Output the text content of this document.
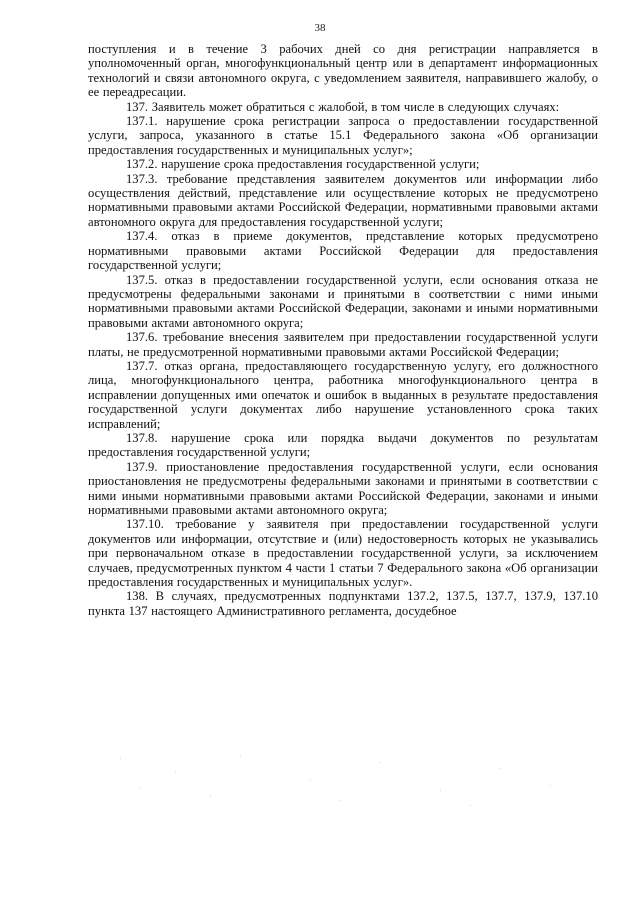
38

поступления и в течение 3 рабочих дней со дня регистрации направляется в уполномоченный орган, многофункциональный центр или в департамент информационных технологий и связи автономного округа, с уведомлением заявителя, направившего жалобу, о ее переадресации.

137. Заявитель может обратиться с жалобой, в том числе в следующих случаях:

137.1. нарушение срока регистрации запроса о предоставлении государственной услуги, запроса, указанного в статье 15.1 Федерального закона «Об организации предоставления государственных и муниципальных услуг»;

137.2. нарушение срока предоставления государственной услуги;

137.3. требование представления заявителем документов или информации либо осуществления действий, представление или осуществление которых не предусмотрено нормативными правовыми актами Российской Федерации, нормативными правовыми актами автономного округа для предоставления государственной услуги;

137.4. отказ в приеме документов, представление которых предусмотрено нормативными правовыми актами Российской Федерации для предоставления государственной услуги;

137.5. отказ в предоставлении государственной услуги, если основания отказа не предусмотрены федеральными законами и принятыми в соответствии с ними иными нормативными правовыми актами Российской Федерации, законами и иными нормативными правовыми актами автономного округа;

137.6. требование внесения заявителем при предоставлении государственной услуги платы, не предусмотренной нормативными правовыми актами Российской Федерации;

137.7. отказ органа, предоставляющего государственную услугу, его должностного лица, многофункционального центра, работника многофункционального центра в исправлении допущенных ими опечаток и ошибок в выданных в результате предоставления государственной услуги документах либо нарушение установленного срока таких исправлений;

137.8. нарушение срока или порядка выдачи документов по результатам предоставления государственной услуги;

137.9. приостановление предоставления государственной услуги, если основания приостановления не предусмотрены федеральными законами и принятыми в соответствии с ними иными нормативными правовыми актами Российской Федерации, законами и иными нормативными правовыми актами автономного округа;

137.10. требование у заявителя при предоставлении государственной услуги документов или информации, отсутствие и (или) недостоверность которых не указывались при первоначальном отказе в предоставлении государственной услуги, за исключением случаев, предусмотренных пунктом 4 части 1 статьи 7 Федерального закона «Об организации предоставления государственных и муниципальных услуг».

138. В случаях, предусмотренных подпунктами 137.2, 137.5, 137.7, 137.9, 137.10 пункта 137 настоящего Административного регламента, досудебное
